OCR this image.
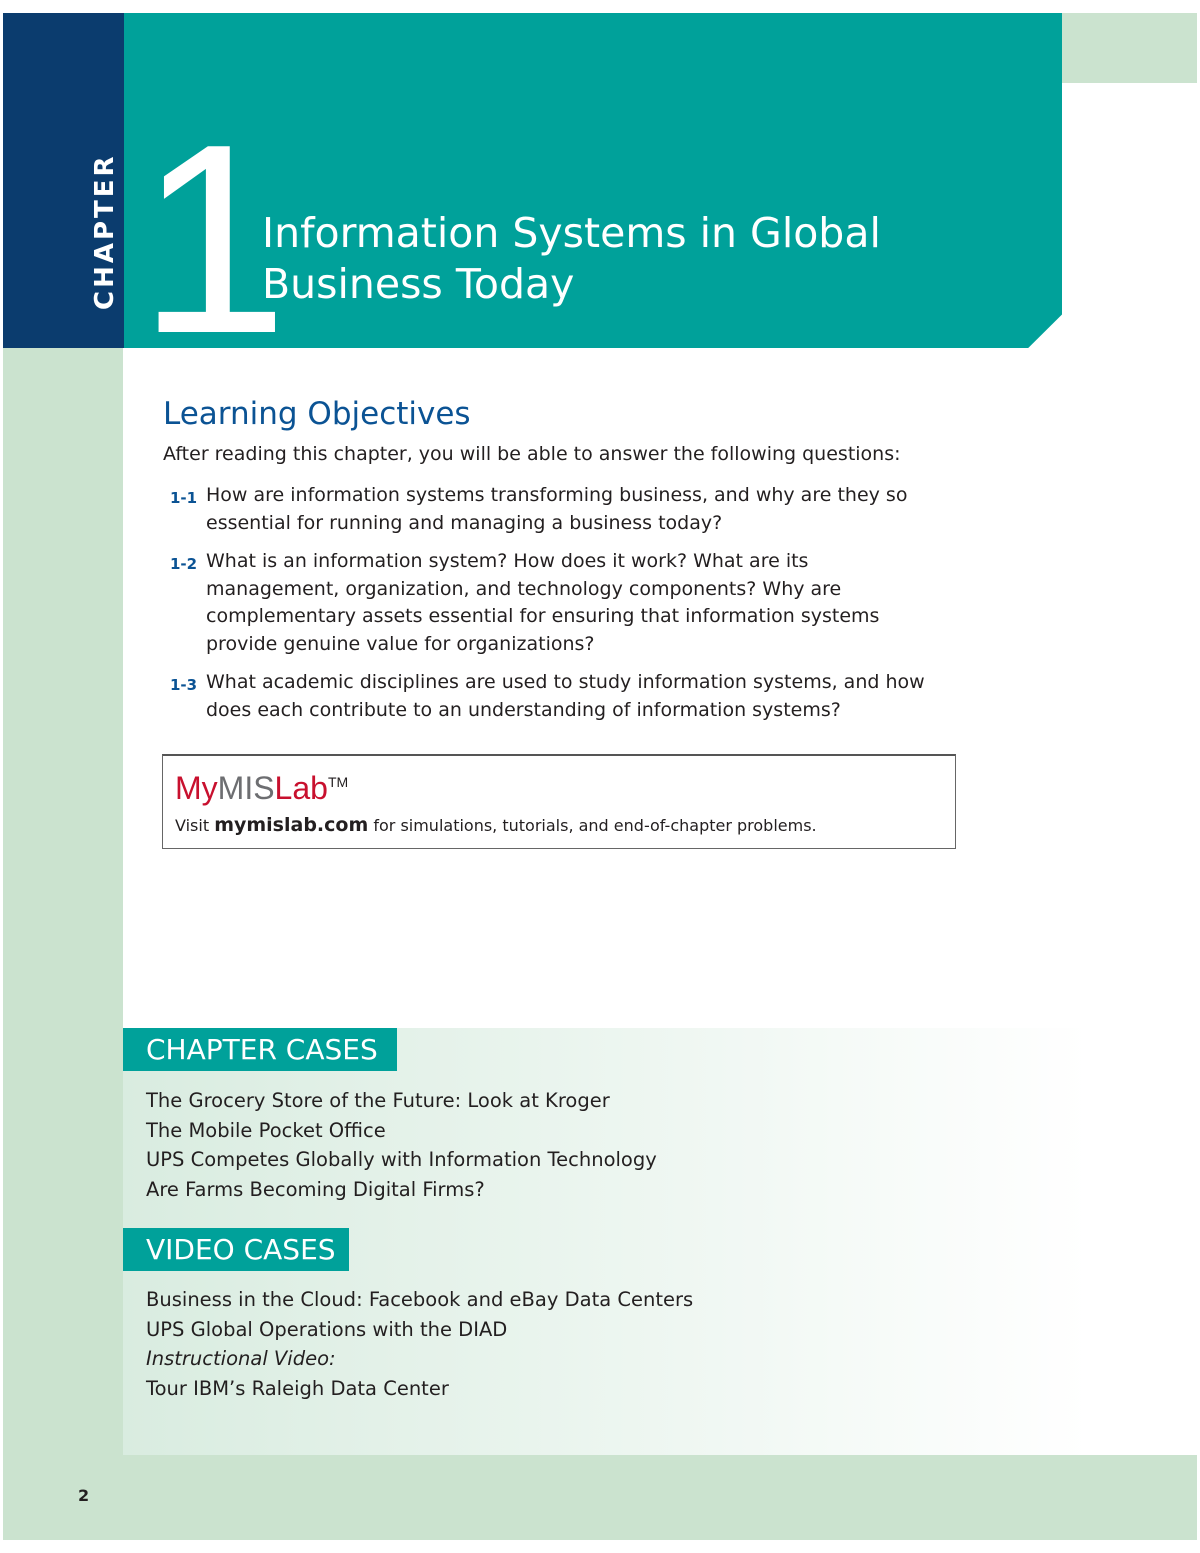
CHAPTER 1
Information Systems in Global
Business Today
Learning Objectives
After reading this chapter, you will be able to answer the following questions:
1-1 How are information systems transforming business, and why are they so
essential for running and managing a business today?
1-2 What is an information system? How does it work? What are its
management, organization, and technology components? Why are
complementary assets essential for ensuring that information systems
provide genuine value for organizations?
1-3 What academic disciplines are used to study information systems, and how
does each contribute to an understanding of information systems?
MyMISLab™
Visit mymislab.com for simulations, tutorials, and end-of-chapter problems.
CHAPTER CASES
The Grocery Store of the Future: Look at Kroger
The Mobile Pocket Office
UPS Competes Globally with Information Technology
Are Farms Becoming Digital Firms?
VIDEO CASES
Business in the Cloud: Facebook and eBay Data Centers
UPS Global Operations with the DIAD
Instructional Video:
Tour IBM’s Raleigh Data Center
2
